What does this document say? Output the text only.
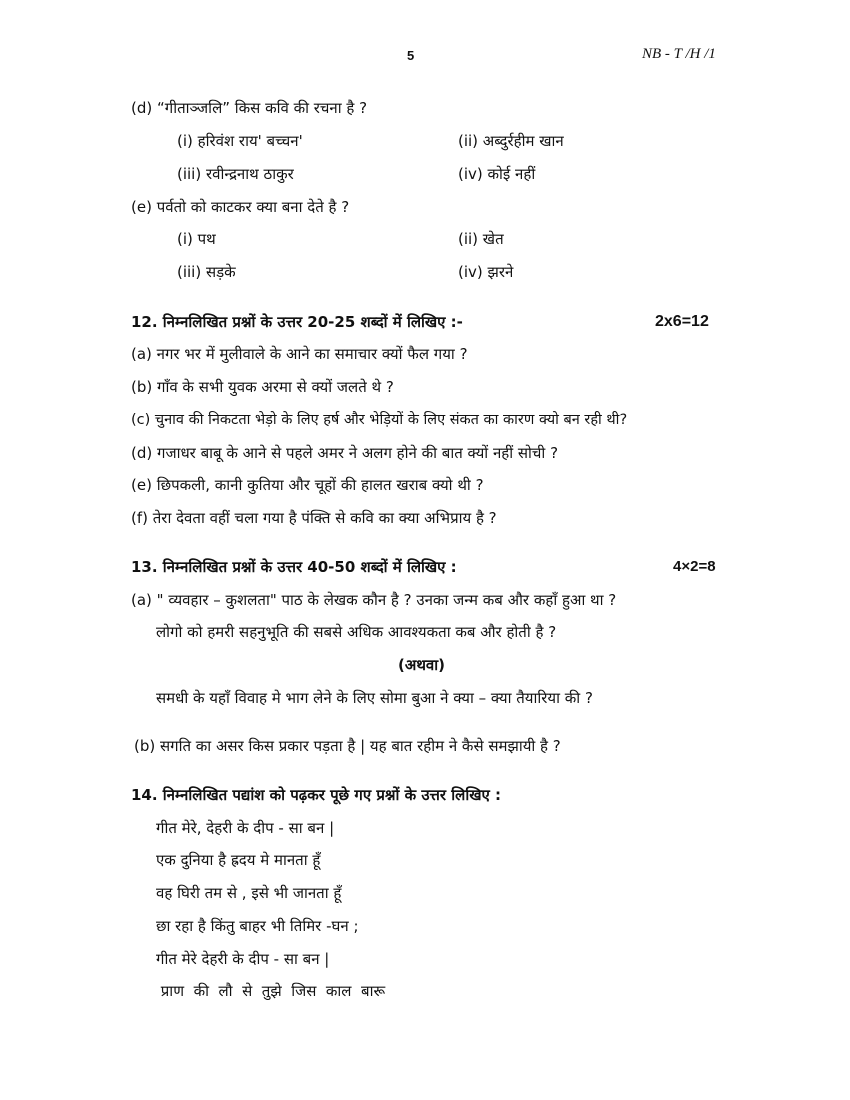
5	NB - T /H /1
(d) “गीताञ्जलि” किस कवि की रचना है ?
(i) हरिवंश राय' बच्चन'	(ii) अब्दुर्रहीम खान
(iii) रवीन्द्रनाथ ठाकुर	(iv) कोई नहीं
(e) पर्वतो को काटकर क्या बना देते है ?
(i) पथ	(ii) खेत
(iii) सड़के	(iv) झरने
12. निम्नलिखित प्रश्नों के उत्तर 20-25 शब्दों में लिखिए :-	2x6=12
(a) नगर भर में मुलीवाले के आने का समाचार क्यों फैल गया ?
(b) गाँव के सभी युवक अरमा से क्यों जलते थे ?
(c) चुनाव की निकटता भेड़ो के लिए हर्ष और भेड़ियों के लिए संकत का कारण क्यो बन रही थी?
(d) गजाधर बाबू के आने से पहले अमर ने अलग होने की बात क्यों नहीं सोची ?
(e) छिपकली, कानी कुतिया और चूहों की हालत खराब क्यो थी ?
(f) तेरा देवता वहीं चला गया है पंक्ति से कवि का क्या अभिप्राय है ?
13. निम्नलिखित प्रश्नों के उत्तर 40-50 शब्दों में लिखिए :	4×2=8
(a) " व्यवहार – कुशलता" पाठ के लेखक कौन है ? उनका जन्म कब और कहाँ हुआ था ?
लोगो को हमरी सहनुभूति की सबसे अधिक आवश्यकता कब और होती है ?
(अथवा)
समधी के यहाँ विवाह मे भाग लेने के लिए सोमा बुआ ने क्या – क्या तैयारिया की ?
(b) सगति का असर किस प्रकार पड़ता है | यह बात रहीम ने कैसे समझायी है ?
14. निम्नलिखित पद्यांश को पढ़कर पूछे गए प्रश्नों के उत्तर लिखिए :
गीत मेरे, देहरी के दीप - सा बन |
एक दुनिया है ह्रदय मे मानता हूँ
वह घिरी तम से , इसे भी जानता हूँ
छा रहा है किंतु बाहर भी तिमिर -घन ;
गीत मेरे देहरी के दीप - सा बन |
प्राण  की  लौ  से  तुझे  जिस  काल  बारू
